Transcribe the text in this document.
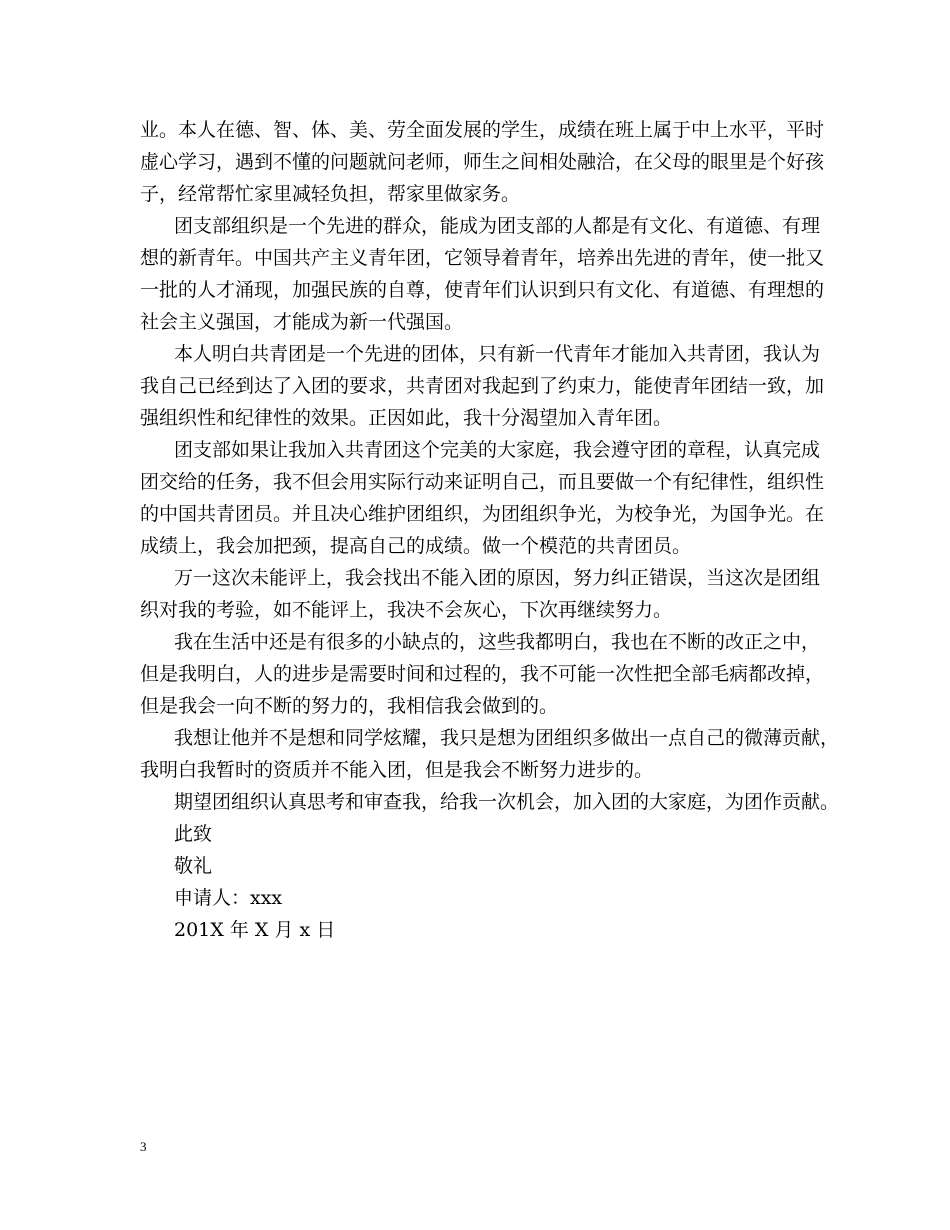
业。本人在德、智、体、美、劳全面发展的学生，成绩在班上属于中上水平，平时
虚心学习，遇到不懂的问题就问老师，师生之间相处融洽，在父母的眼里是个好孩
子，经常帮忙家里减轻负担，帮家里做家务。
团支部组织是一个先进的群众，能成为团支部的人都是有文化、有道德、有理
想的新青年。中国共产主义青年团，它领导着青年，培养出先进的青年，使一批又
一批的人才涌现，加强民族的自尊，使青年们认识到只有文化、有道德、有理想的
社会主义强国，才能成为新一代强国。
本人明白共青团是一个先进的团体，只有新一代青年才能加入共青团，我认为
我自己已经到达了入团的要求，共青团对我起到了约束力，能使青年团结一致，加
强组织性和纪律性的效果。正因如此，我十分渴望加入青年团。
团支部如果让我加入共青团这个完美的大家庭，我会遵守团的章程，认真完成
团交给的任务，我不但会用实际行动来证明自己，而且要做一个有纪律性，组织性
的中国共青团员。并且决心维护团组织，为团组织争光，为校争光，为国争光。在
成绩上，我会加把颈，提高自己的成绩。做一个模范的共青团员。
万一这次未能评上，我会找出不能入团的原因，努力纠正错误，当这次是团组
织对我的考验，如不能评上，我决不会灰心，下次再继续努力。
我在生活中还是有很多的小缺点的，这些我都明白，我也在不断的改正之中，
但是我明白，人的进步是需要时间和过程的，我不可能一次性把全部毛病都改掉，
但是我会一向不断的努力的，我相信我会做到的。
我想让他并不是想和同学炫耀，我只是想为团组织多做出一点自己的微薄贡献，
我明白我暂时的资质并不能入团，但是我会不断努力进步的。
期望团组织认真思考和审查我，给我一次机会，加入团的大家庭，为团作贡献。
此致
敬礼
申请人：xxx
201X 年 X 月 x 日
3
